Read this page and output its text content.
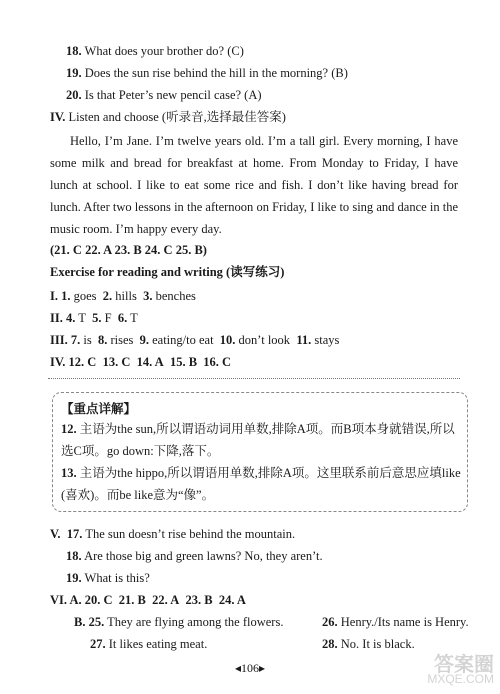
18. What does your brother do? (C)
19. Does the sun rise behind the hill in the morning? (B)
20. Is that Peter’s new pencil case? (A)
IV. Listen and choose (听录音,选择最佳答案)
Hello, I’m Jane. I’m twelve years old. I’m a tall girl. Every morning, I have some milk and bread for breakfast at home. From Monday to Friday, I have lunch at school. I like to eat some rice and fish. I don’t like having bread for lunch. After two lessons in the afternoon on Friday, I like to sing and dance in the music room. I’m happy every day.
(21. C 22. A 23. B 24. C 25. B)
Exercise for reading and writing (读写练习)
I. 1. goes 2. hills 3. benches
II. 4. T 5. F 6. T
III. 7. is 8. rises 9. eating/to eat 10. don’t look 11. stays
IV. 12. C 13. C 14. A 15. B 16. C
【重点详解】
12. 主语为the sun,所以谓语动词用单数,排除A项。而B项本身就错误,所以
选C项。go down:下降,落下。
13. 主语为the hippo,所以谓语用单数,排除A项。这里联系前后意思应填like
(喜欢)。而be like意为“像”。
V. 17. The sun doesn’t rise behind the mountain.
18. Are those big and green lawns? No, they aren’t.
19. What is this?
VI. A. 20. C 21. B 22. A 23. B 24. A
B. 25. They are flying among the flowers.	26. Henry./Its name is Henry.
27. It likes eating meat.	28. No. It is black.
◂106▸	答案圈
MXQE.COM
